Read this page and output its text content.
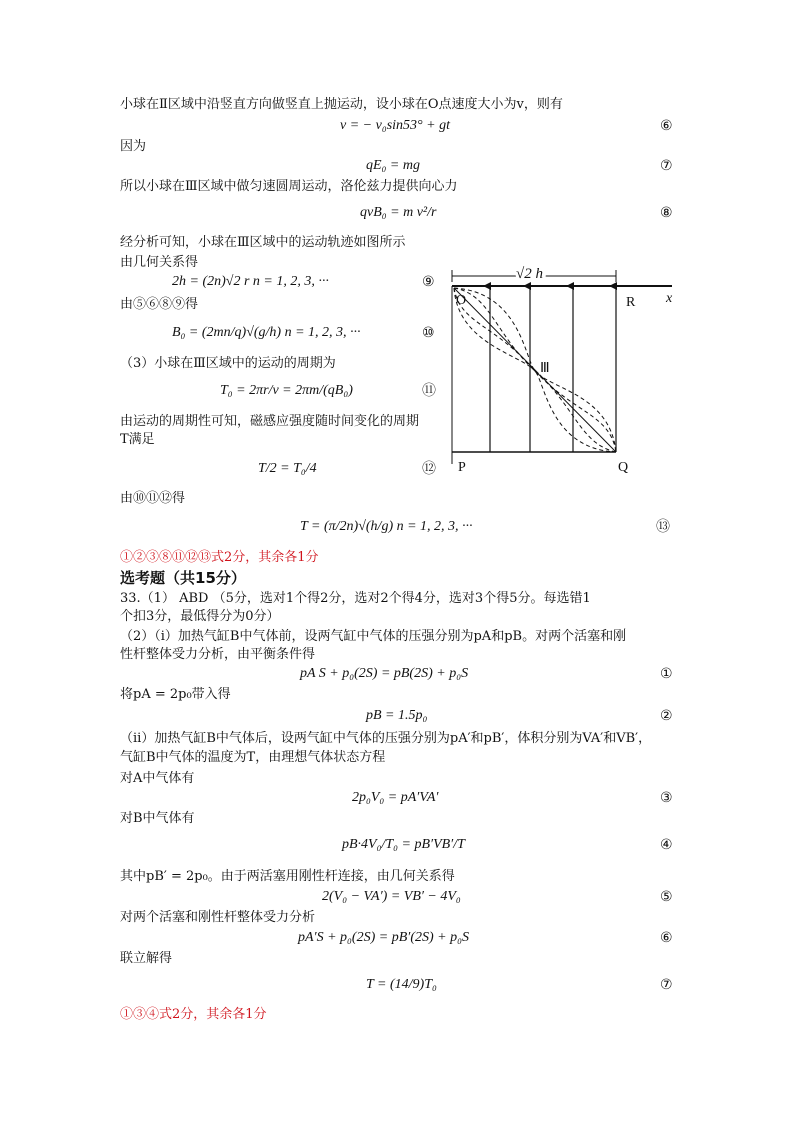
小球在Ⅱ区域中沿竖直方向做竖直上抛运动，设小球在O点速度大小为v，则有
v = − v₀sin53° + gt	⑥
因为
qE₀ = mg	⑦
所以小球在Ⅲ区域中做匀速圆周运动，洛伦兹力提供向心力
qvB₀ = m v²/r	⑧
经分析可知，小球在Ⅲ区域中的运动轨迹如图所示
由几何关系得
2h = (2n)√2 r n = 1, 2, 3, ···	⑨
由⑤⑥⑧⑨得
B₀ = (2mn/q)√(g/h) n = 1, 2, 3, ···	⑩
（3）小球在Ⅲ区域中的运动的周期为
T₀ = 2πr/v = 2πm/(qB₀)	⑪
由运动的周期性可知，磁感应强度随时间变化的周期
T满足
T/2 = T₀/4	⑫
由⑩⑪⑫得
T = (π/2n)√(h/g) n = 1, 2, 3, ···	⑬
①②③⑧⑪⑫⑬式2分，其余各1分
√2 h
x
O	R
Ⅲ
P	Q
选考题（共15分）
33.（1） ABD （5分，选对1个得2分，选对2个得4分，选对3个得5分。每选错1
个扣3分，最低得分为0分）
（2）（i）加热气缸B中气体前，设两气缸中气体的压强分别为pA和pB。对两个活塞和刚
性杆整体受力分析，由平衡条件得
pA S + p₀(2S) = pB(2S) + p₀S	①
将pA = 2p₀带入得
pB = 1.5p₀	②
（ii）加热气缸B中气体后，设两气缸中气体的压强分别为pA′和pB′，体积分别为VA′和VB′，
气缸B中气体的温度为T，由理想气体状态方程
对A中气体有
2p₀V₀ = pA′VA′	③
对B中气体有
pB·4V₀/T₀ = pB′VB′/T	④
其中pB′ = 2p₀。由于两活塞用刚性杆连接，由几何关系得
2(V₀ − VA′) = VB′ − 4V₀	⑤
对两个活塞和刚性杆整体受力分析
pA′S + p₀(2S) = pB′(2S) + p₀S	⑥
联立解得
T = (14/9)T₀	⑦
①③④式2分，其余各1分
